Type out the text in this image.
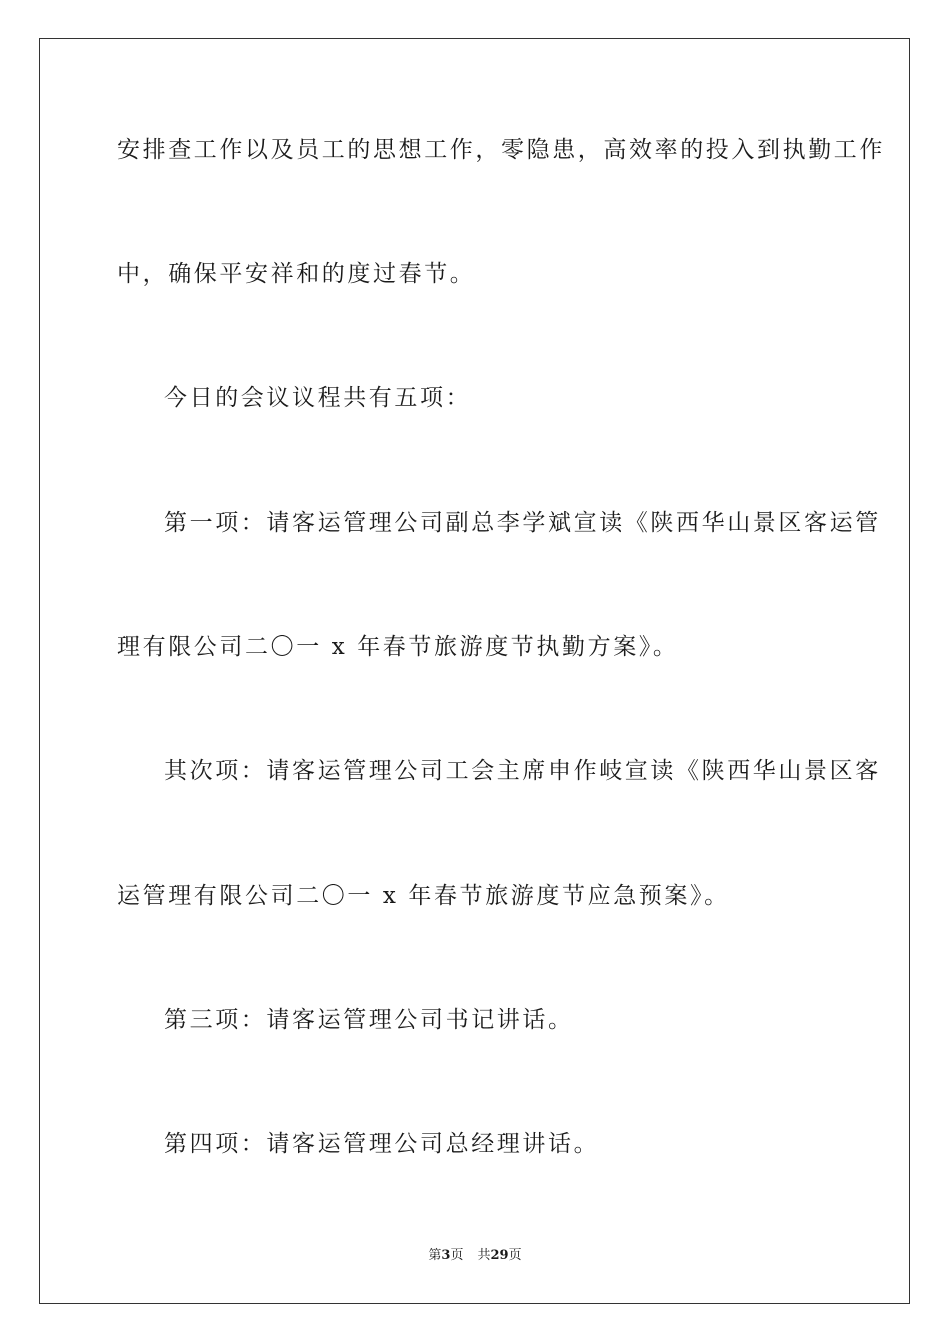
安排查工作以及员工的思想工作，零隐患，高效率的投入到执勤工作
中，确保平安祥和的度过春节。
今日的会议议程共有五项：
第一项：请客运管理公司副总李学斌宣读《陕西华山景区客运管
理有限公司二〇一 x 年春节旅游度节执勤方案》。
其次项：请客运管理公司工会主席申作岐宣读《陕西华山景区客
运管理有限公司二〇一 x 年春节旅游度节应急预案》。
第三项：请客运管理公司书记讲话。
第四项：请客运管理公司总经理讲话。
第3页 共29页
